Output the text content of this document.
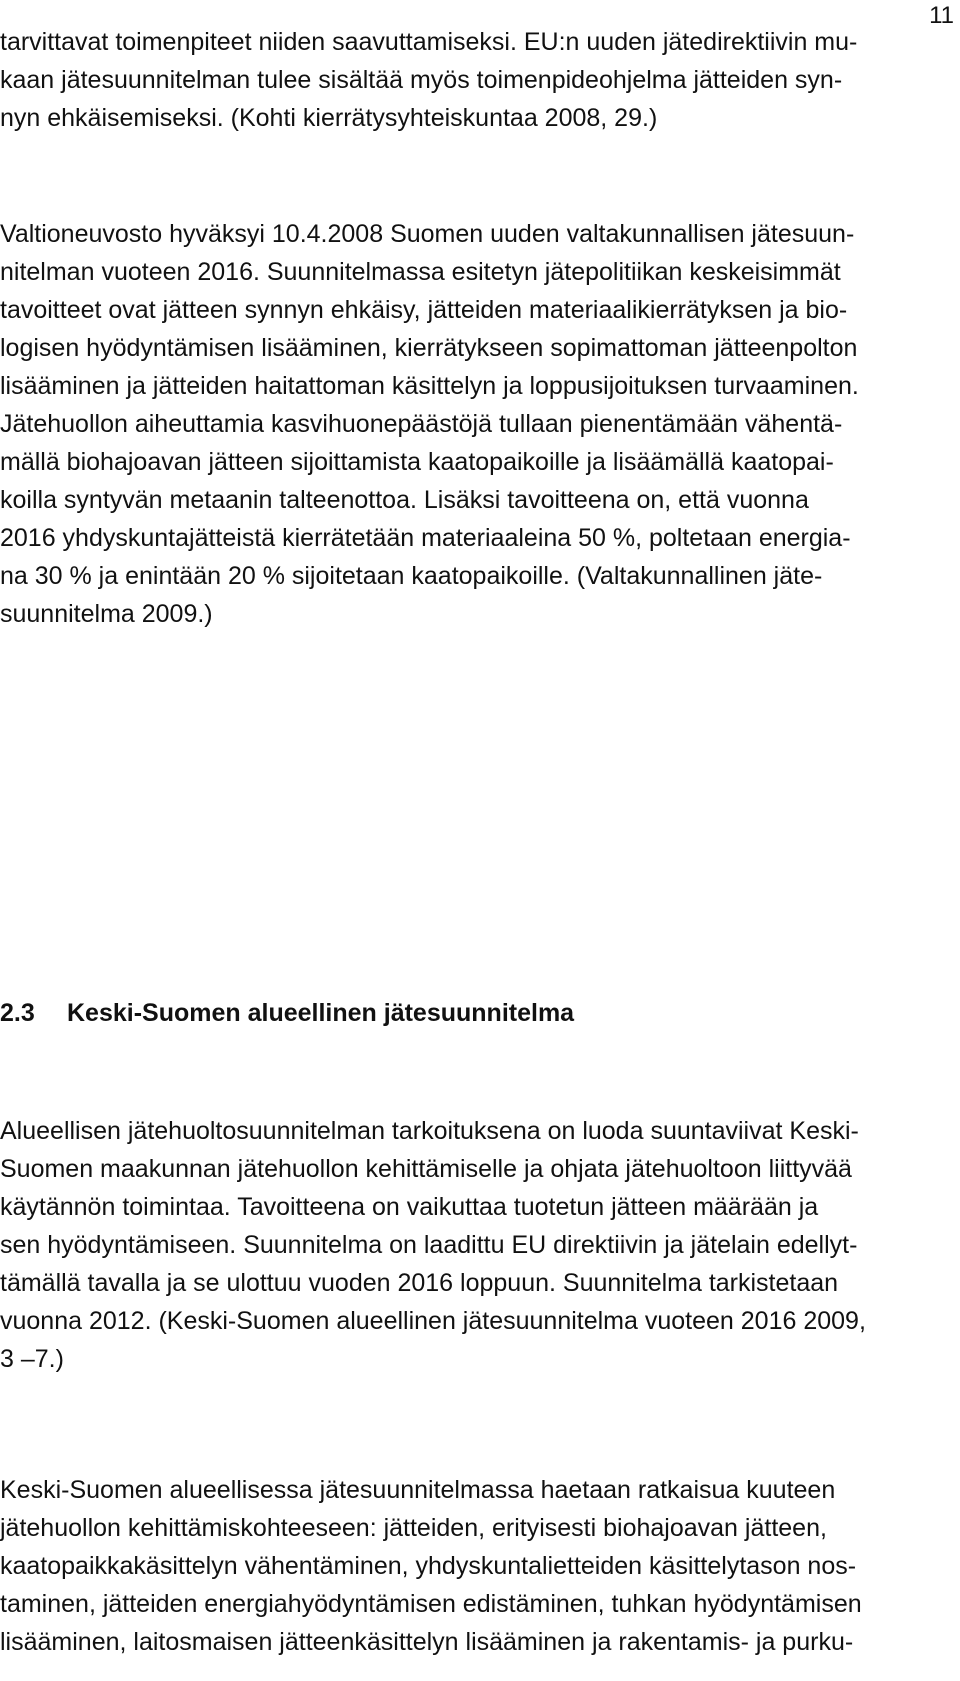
11
tarvittavat toimenpiteet niiden saavuttamiseksi. EU:n uuden jätedirektiivin mu-
kaan jätesuunnitelman tulee sisältää myös toimenpideohjelma jätteiden syn-
nyn ehkäisemiseksi. (Kohti kierrätysyhteiskuntaa 2008, 29.)
Valtioneuvosto hyväksyi 10.4.2008 Suomen uuden valtakunnallisen jätesuun-
nitelman vuoteen 2016. Suunnitelmassa esitetyn jätepolitiikan keskeisimmät
tavoitteet ovat jätteen synnyn ehkäisy, jätteiden materiaalikierrätyksen ja bio-
logisen hyödyntämisen lisääminen, kierrätykseen sopimattoman jätteenpolton
lisääminen ja jätteiden haitattoman käsittelyn ja loppusijoituksen turvaaminen.
Jätehuollon aiheuttamia kasvihuonepäästöjä tullaan pienentämään vähentä-
mällä biohajoavan jätteen sijoittamista kaatopaikoille ja lisäämällä kaatopai-
koilla syntyvän metaanin talteenottoa. Lisäksi tavoitteena on, että vuonna
2016 yhdyskuntajätteistä kierrätetään materiaaleina 50 %, poltetaan energia-
na 30 % ja enintään 20 % sijoitetaan kaatopaikoille. (Valtakunnallinen jäte-
suunnitelma 2009.)
2.3 Keski-Suomen alueellinen jätesuunnitelma
Alueellisen jätehuoltosuunnitelman tarkoituksena on luoda suuntaviivat Keski-
Suomen maakunnan jätehuollon kehittämiselle ja ohjata jätehuoltoon liittyvää
käytännön toimintaa. Tavoitteena on vaikuttaa tuotetun jätteen määrään ja
sen hyödyntämiseen. Suunnitelma on laadittu EU direktiivin ja jätelain edellyt-
tämällä tavalla ja se ulottuu vuoden 2016 loppuun. Suunnitelma tarkistetaan
vuonna 2012. (Keski-Suomen alueellinen jätesuunnitelma vuoteen 2016 2009,
3 –7.)
Keski-Suomen alueellisessa jätesuunnitelmassa haetaan ratkaisua kuuteen
jätehuollon kehittämiskohteeseen: jätteiden, erityisesti biohajoavan jätteen,
kaatopaikkakäsittelyn vähentäminen, yhdyskuntalietteiden käsittelytason nos-
taminen, jätteiden energiahyödyntämisen edistäminen, tuhkan hyödyntämisen
lisääminen, laitosmaisen jätteenkäsittelyn lisääminen ja rakentamis- ja purku-
